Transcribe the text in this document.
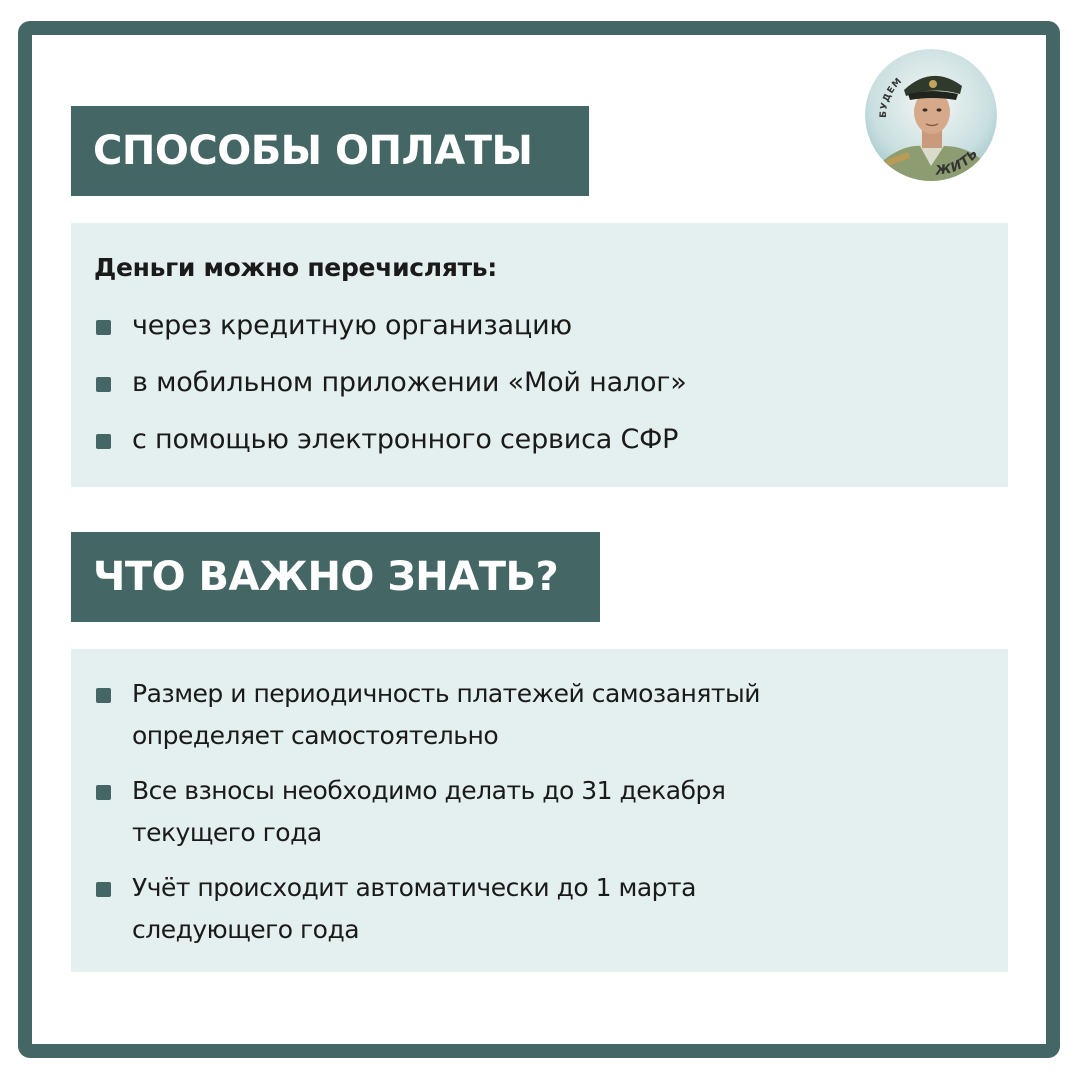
СПОСОБЫ ОПЛАТЫ
БУДЕМ
ЖИТЬ
Деньги можно перечислять:
через кредитную организацию
в мобильном приложении «Мой налог»
с помощью электронного сервиса СФР
ЧТО ВАЖНО ЗНАТЬ?
Размер и периодичность платежей самозанятый
определяет самостоятельно
Все взносы необходимо делать до 31 декабря
текущего года
Учёт происходит автоматически до 1 марта
следующего года
